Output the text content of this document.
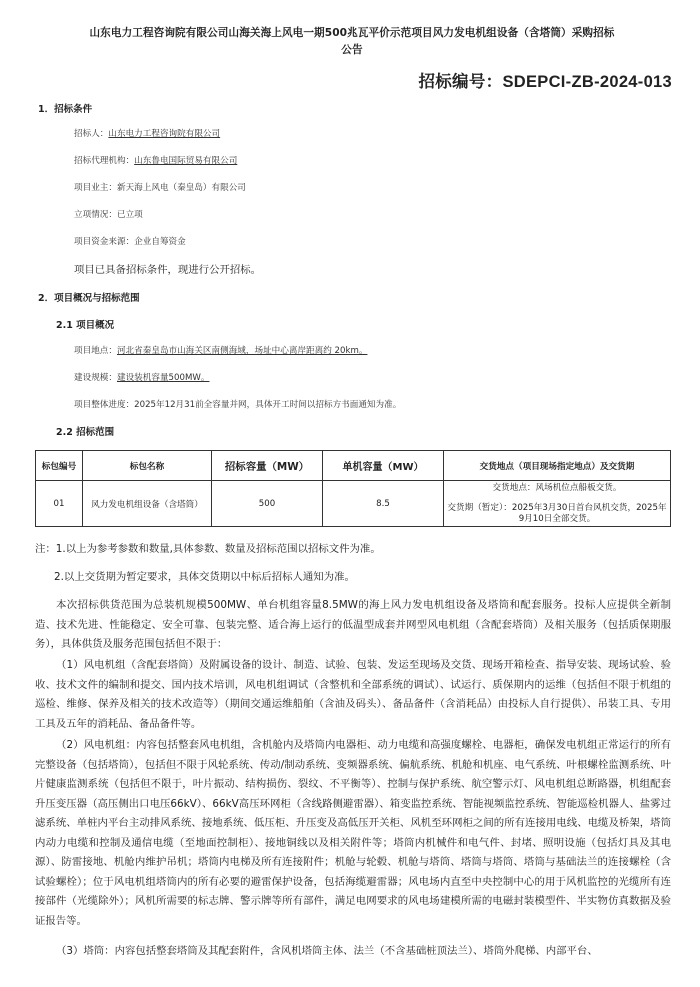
山东电力工程咨询院有限公司山海关海上风电一期500兆瓦平价示范项目风力发电机组设备（含塔筒）采购招标
公告
招标编号：SDEPCI-ZB-2024-013
1．招标条件
招标人：山东电力工程咨询院有限公司
招标代理机构：山东鲁电国际贸易有限公司
项目业主：新天海上风电（秦皇岛）有限公司
立项情况：已立项
项目资金来源：企业自筹资金
项目已具备招标条件，现进行公开招标。
2．项目概况与招标范围
2.1 项目概况
项目地点：河北省秦皇岛市山海关区南侧海域，场址中心离岸距离约 20km。
建设规模：建设装机容量500MW。
项目整体进度：2025年12月31前全容量并网，具体开工时间以招标方书面通知为准。
2.2 招标范围
标包编号	标包名称	招标容量（MW）	单机容量（MW）	交货地点（项目现场指定地点）及交货期
01	风力发电机组设备（含塔筒）	500	8.5	交货地点：风场机位点船板交货。
交货期（暂定）：2025年3月30日首台风机交货，2025年9月10日全部交货。
注：1.以上为参考参数和数量,具体参数、数量及招标范围以招标文件为准。
2.以上交货期为暂定要求，具体交货期以中标后招标人通知为准。
本次招标供货范围为总装机规模500MW、单台机组容量8.5MW的海上风力发电机组设备及塔筒和配套服务。投标人应提供全新制造、技术先进、性能稳定、安全可靠、包装完整、适合海上运行的低温型成套并网型风电机组（含配套塔筒）及相关服务（包括质保期服务），具体供货及服务范围包括但不限于：
（1）风电机组（含配套塔筒）及附属设备的设计、制造、试验、包装、发运至现场及交货、现场开箱检查、指导安装、现场试验、验收、技术文件的编制和提交、国内技术培训，风电机组调试（含整机和全部系统的调试）、试运行、质保期内的运维（包括但不限于机组的巡检、维修、保养及相关的技术改造等）（期间交通运维船舶（含油及码头）、备品备件（含消耗品）由投标人自行提供）、吊装工具、专用工具及五年的消耗品、备品备件等。
（2）风电机组：内容包括整套风电机组，含机舱内及塔筒内电器柜、动力电缆和高强度螺栓、电器柜，确保发电机组正常运行的所有完整设备（包括塔筒），包括但不限于风轮系统、传动/制动系统、变频器系统、偏航系统、机舱和机座、电气系统、叶根螺栓监测系统、叶片健康监测系统（包括但不限于，叶片振动、结构损伤、裂纹、不平衡等）、控制与保护系统、航空警示灯、风电机组总断路器，机组配套升压变压器（高压侧出口电压66kV）、66kV高压环网柜（含线路侧避雷器）、箱变监控系统、智能视频监控系统、智能巡检机器人、盐雾过滤系统、单桩内平台主动排风系统、接地系统、低压柜、升压变及高低压开关柜、风机至环网柜之间的所有连接用电线、电缆及桥架，塔筒内动力电缆和控制及通信电缆（至地面控制柜）、接地铜线以及相关附件等；塔筒内机械件和电气件、封堵、照明设施（包括灯具及其电源）、防雷接地、机舱内维护吊机；塔筒内电梯及所有连接附件；机舱与轮毂、机舱与塔筒、塔筒与塔筒、塔筒与基础法兰的连接螺栓（含试验螺栓）；位于风电机组塔筒内的所有必要的避雷保护设备，包括海缆避雷器；风电场内直至中央控制中心的用于风机监控的光缆所有连接部件（光缆除外）；风机所需要的标志牌、警示牌等所有部件，满足电网要求的风电场建模所需的电磁封装模型件、半实物仿真数据及验证报告等。
（3）塔筒：内容包括整套塔筒及其配套附件，含风机塔筒主体、法兰（不含基础桩顶法兰）、塔筒外爬梯、内部平台、
